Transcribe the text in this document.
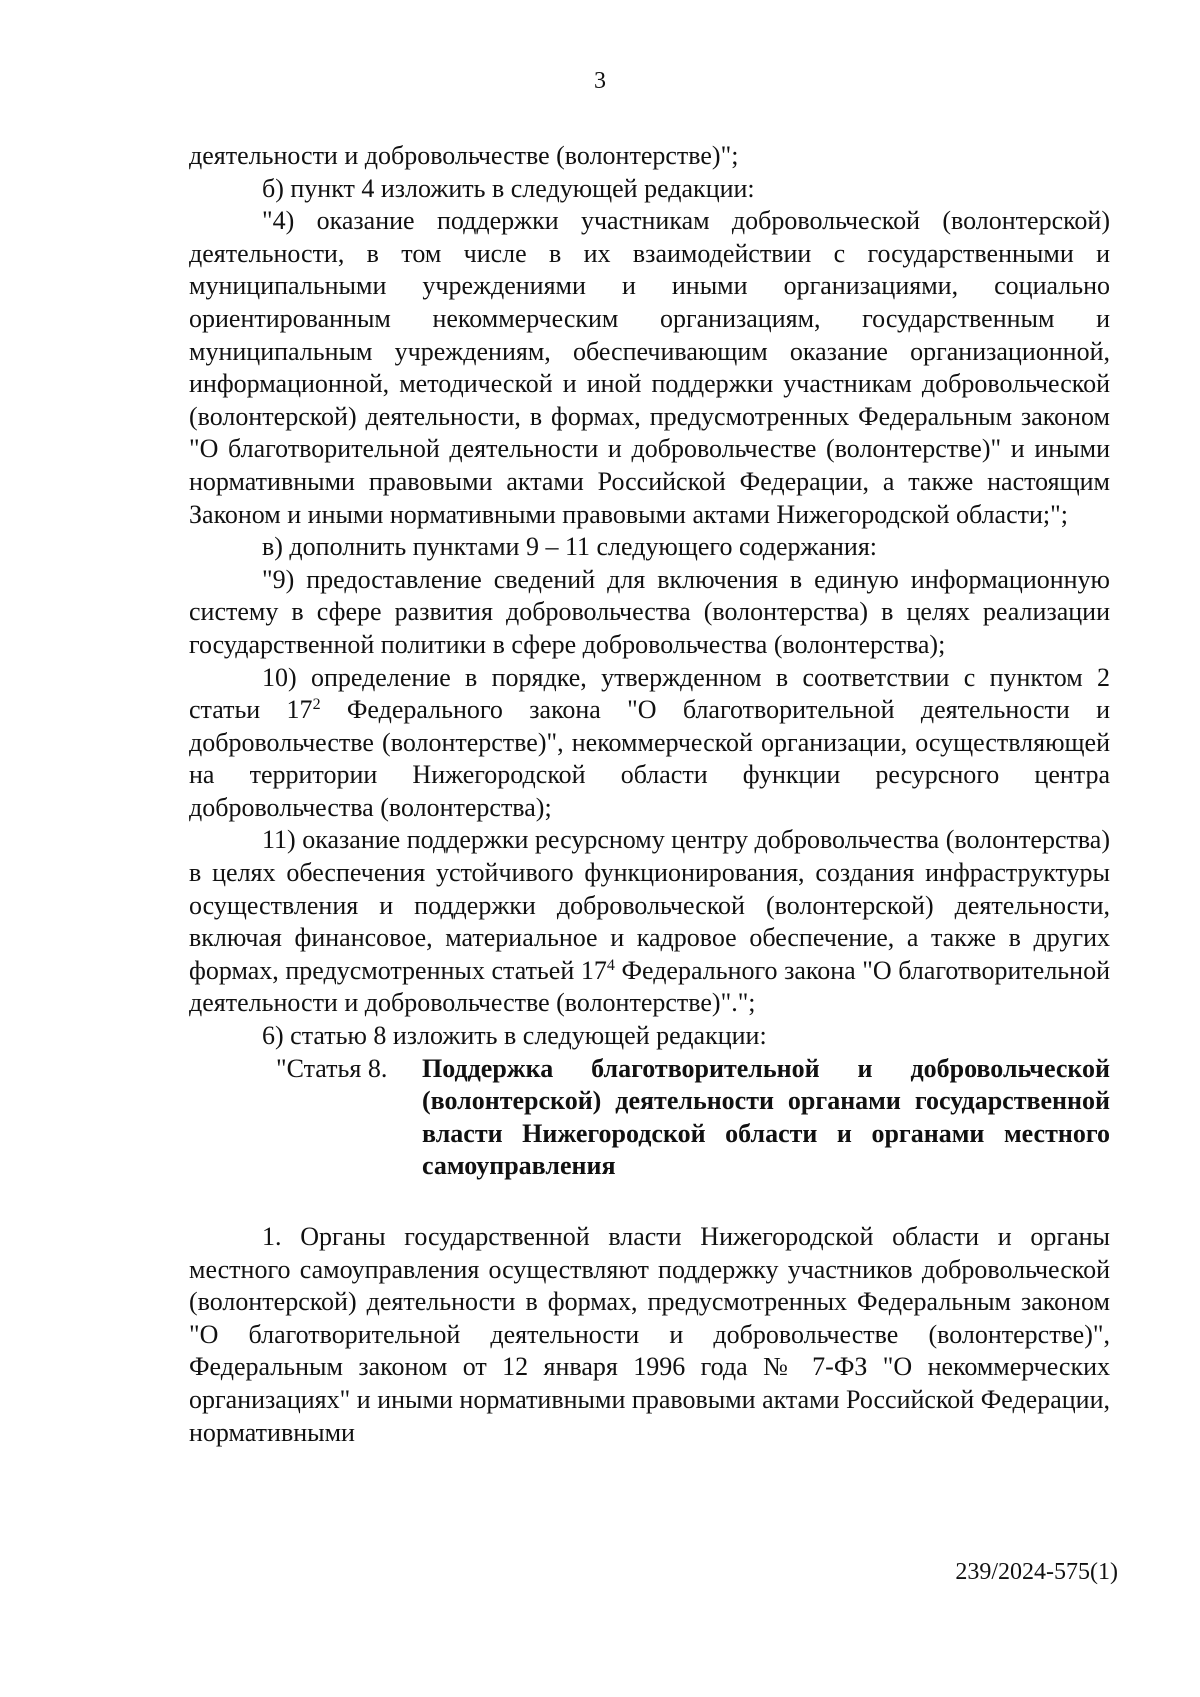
3

деятельности и добровольчестве (волонтерстве)";

б) пункт 4 изложить в следующей редакции:

"4) оказание поддержки участникам добровольческой (волонтерской) деятельности, в том числе в их взаимодействии с государственными и муниципальными учреждениями и иными организациями, социально ориентированным некоммерческим организациям, государственным и муниципальным учреждениям, обеспечивающим оказание организационной, информационной, методической и иной поддержки участникам добровольческой (волонтерской) деятельности, в формах, предусмотренных Федеральным законом "О благотворительной деятельности и добровольчестве (волонтерстве)" и иными нормативными правовыми актами Российской Федерации, а также настоящим Законом и иными нормативными правовыми актами Нижегородской области;";

в) дополнить пунктами 9 – 11 следующего содержания:

"9) предоставление сведений для включения в единую информационную систему в сфере развития добровольчества (волонтерства) в целях реализации государственной политики в сфере добровольчества (волонтерства);

10) определение в порядке, утвержденном в соответствии с пунктом 2 статьи $17^2$ Федерального закона "О благотворительной деятельности и добровольчестве (волонтерстве)", некоммерческой организации, осуществляющей на территории Нижегородской области функции ресурсного центра добровольчества (волонтерства);

11) оказание поддержки ресурсному центру добровольчества (волонтерства) в целях обеспечения устойчивого функционирования, создания инфраструктуры осуществления и поддержки добровольческой (волонтерской) деятельности, включая финансовое, материальное и кадровое обеспечение, а также в других формах, предусмотренных статьей $17^4$ Федерального закона "О благотворительной деятельности и добровольчестве (волонтерстве)".";

6) статью 8 изложить в следующей редакции:

"Статья 8.	Поддержка благотворительной и добровольческой (волонтерской) деятельности органами государственной власти Нижегородской области и органами местного самоуправления

1. Органы государственной власти Нижегородской области и органы местного самоуправления осуществляют поддержку участников добровольческой (волонтерской) деятельности в формах, предусмотренных Федеральным законом "О благотворительной деятельности и добровольчестве (волонтерстве)", Федеральным законом от 12 января 1996 года № 7-ФЗ "О некоммерческих организациях" и иными нормативными правовыми актами Российской Федерации, нормативными

239/2024-575(1)
